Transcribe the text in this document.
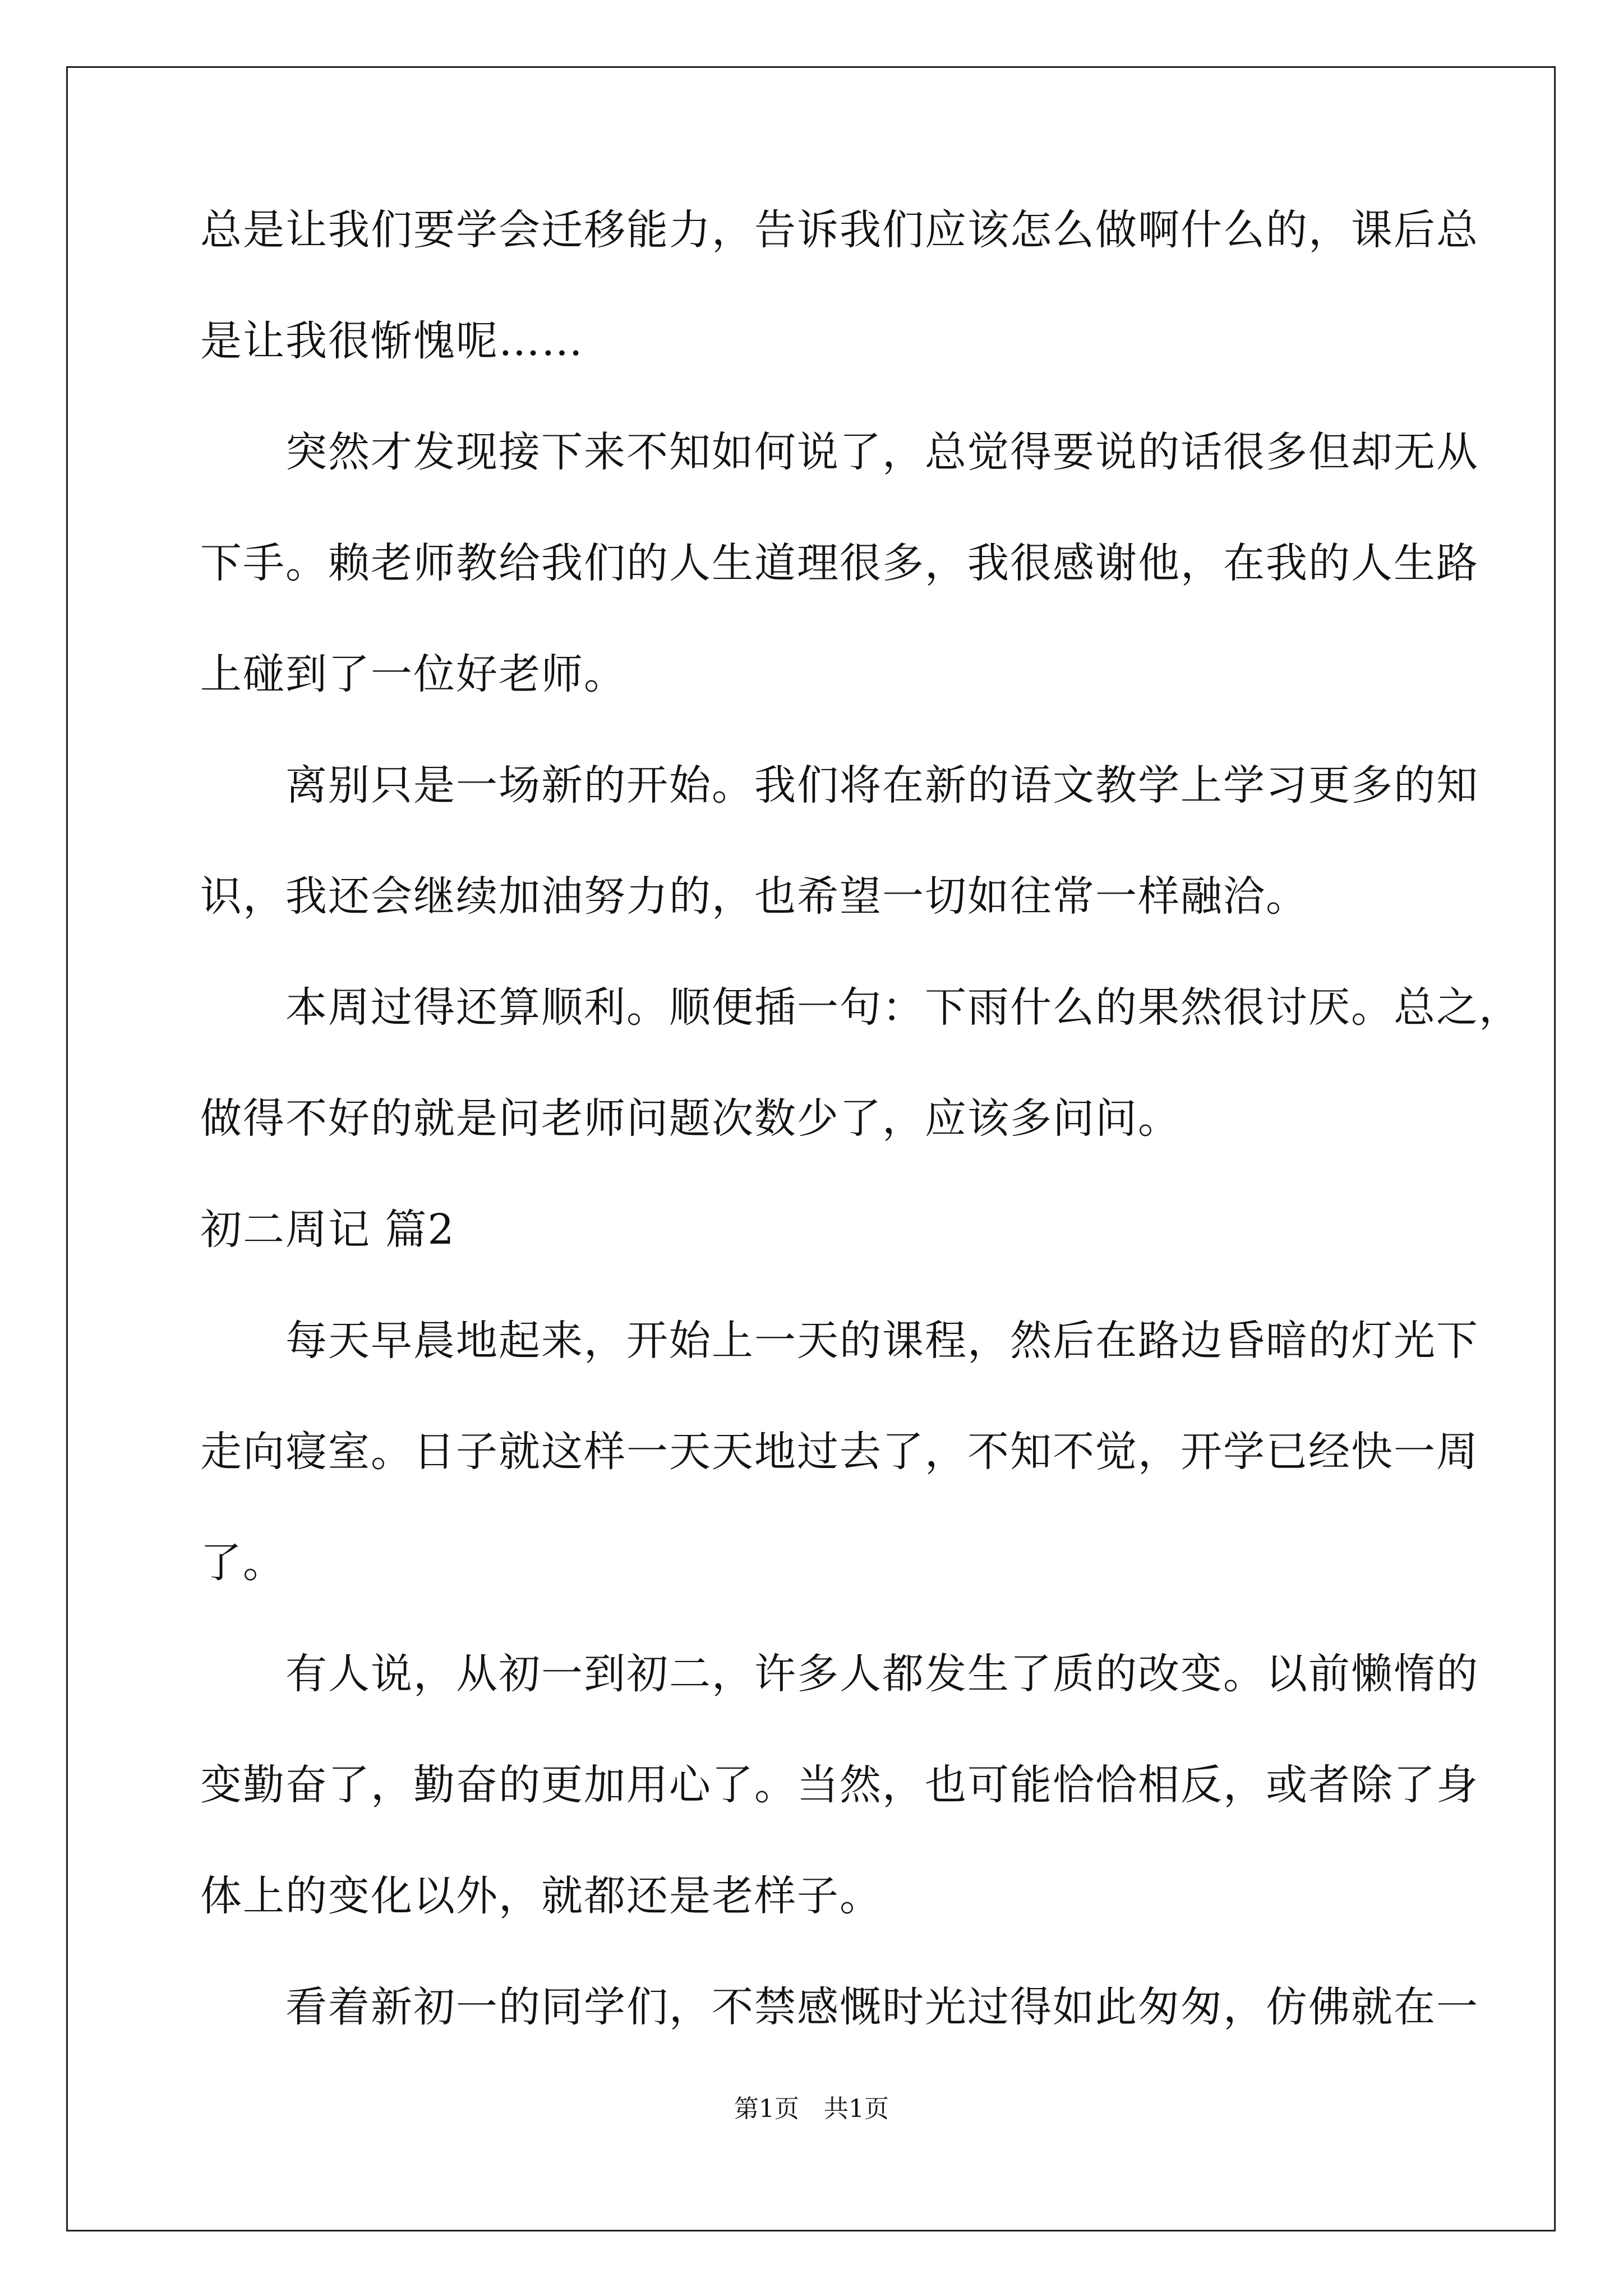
总是让我们要学会迁移能力，告诉我们应该怎么做啊什么的，课后总
是让我很惭愧呢……
　　突然才发现接下来不知如何说了，总觉得要说的话很多但却无从
下手。赖老师教给我们的人生道理很多，我很感谢他，在我的人生路
上碰到了一位好老师。
　　离别只是一场新的开始。我们将在新的语文教学上学习更多的知
识，我还会继续加油努力的，也希望一切如往常一样融洽。
　　本周过得还算顺利。顺便插一句：下雨什么的果然很讨厌。总之，
做得不好的就是问老师问题次数少了，应该多问问。
初二周记 篇2
　　每天早晨地起来，开始上一天的课程，然后在路边昏暗的灯光下
走向寝室。日子就这样一天天地过去了，不知不觉，开学已经快一周
了。
　　有人说，从初一到初二，许多人都发生了质的改变。以前懒惰的
变勤奋了，勤奋的更加用心了。当然，也可能恰恰相反，或者除了身
体上的变化以外，就都还是老样子。
　　看着新初一的同学们，不禁感慨时光过得如此匆匆，仿佛就在一
第1页　共1页
